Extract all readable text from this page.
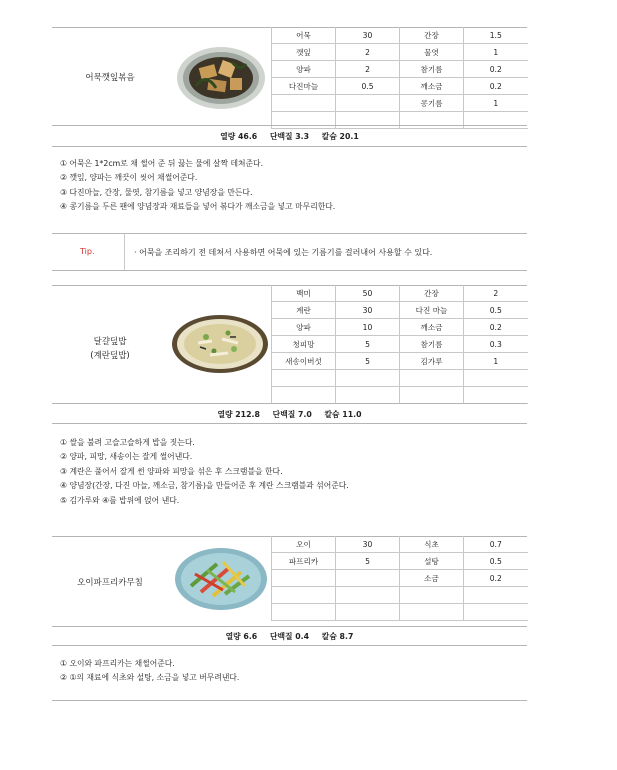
어묵깻잎볶음
어묵	30	간장	1.5
깻잎	2	물엿	1
양파	2	참기름	0.2
다진마늘	0.5	깨소금	0.2
		콩기름	1

열량 46.6 단백질 3.3 칼슘 20.1
① 어묵은 1*2cm로 채 썰어 준 뒤 끓는 물에 살짝 데쳐준다.
② 깻잎, 양파는 깨끗이 씻어 채썰어준다.
③ 다진마늘, 간장, 물엿, 참기름을 넣고 양념장을 만든다.
④ 콩기름을 두른 팬에 양념장과 재료들을 넣어 볶다가 깨소금을 넣고 마무리한다.
Tip.	· 어묵을 조리하기 전 데쳐서 사용하면 어묵에 있는 기름기를 걸러내어 사용할 수 있다.
달걀덮밥
(계란덮밥)
백미	50	간장	2
계란	30	다진 마늘	0.5
양파	10	깨소금	0.2
청피망	5	참기름	0.3
새송이버섯	5	김가루	1

열량 212.8 단백질 7.0 칼슘 11.0
① 쌀을 불려 고슬고슬하게 밥을 짓는다.
② 양파, 피망, 새송이는 잘게 썰어낸다.
③ 계란은 풀어서 잘게 썬 양파와 피망을 섞은 후 스크램블을 한다.
④ 양념장(간장, 다진 마늘, 깨소금, 참기름)을 만들어준 후 계란 스크램블과 섞어준다.
⑤ 김가루와 ④를 밥위에 얹어 낸다.
오이파프리카무침
오이	30	식초	0.7
파프리카	5	설탕	0.5
		소금	0.2

열량 6.6 단백질 0.4 칼슘 8.7
① 오이와 파프리카는 채썰어준다.
② ①의 재료에 식초와 설탕, 소금을 넣고 버무려낸다.
